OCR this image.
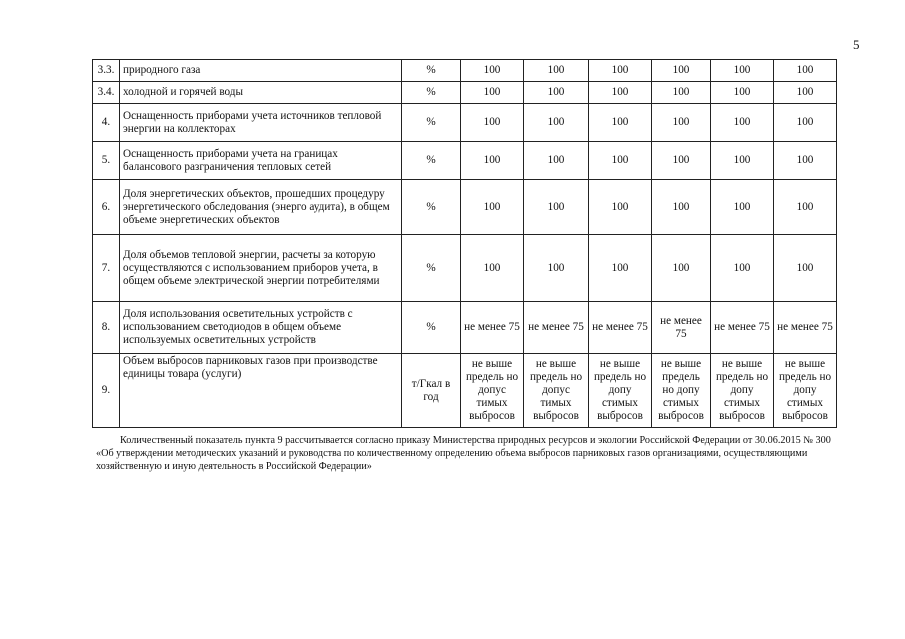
5
3.3.	природного газа	%	100	100	100	100	100	100
3.4.	холодной и горячей воды	%	100	100	100	100	100	100
4.	Оснащенность приборами учета источников тепловой энергии на коллекторах	%	100	100	100	100	100	100
5.	Оснащенность приборами учета на границах балансового разграничения тепловых сетей	%	100	100	100	100	100	100
6.	Доля энергетических объектов, прошедших процедуру энергетического обследования (энерго аудита), в общем объеме энергетических объектов	%	100	100	100	100	100	100
7.	Доля объемов тепловой энергии, расчеты за которую осуществляются с использованием приборов учета, в общем объеме электрической энергии потребителями	%	100	100	100	100	100	100
8.	Доля использования осветительных устройств с использованием светодиодов в общем объеме используемых осветительных устройств	%	не менее 75	не менее 75	не менее 75	не менее 75	не менее 75	не менее 75
9.	Объем выбросов парниковых газов при производстве единицы товара (услуги)	т/Гкал в год	не выше предель но допус тимых выбросов	не выше предель но допус тимых выбросов	не выше предель но допу стимых выбросов	не выше предель но допу стимых выбросов	не выше предель но допу стимых выбросов	не выше предель но допу стимых выбросов
Количественный показатель пункта 9 рассчитывается согласно приказу Министерства природных ресурсов и экологии Российской Федерации от 30.06.2015 № 300 «Об утверждении методических указаний и руководства по количественному определению объема выбросов парниковых газов организациями, осуществляющими хозяйственную и иную деятельность в Российской Федерации»
